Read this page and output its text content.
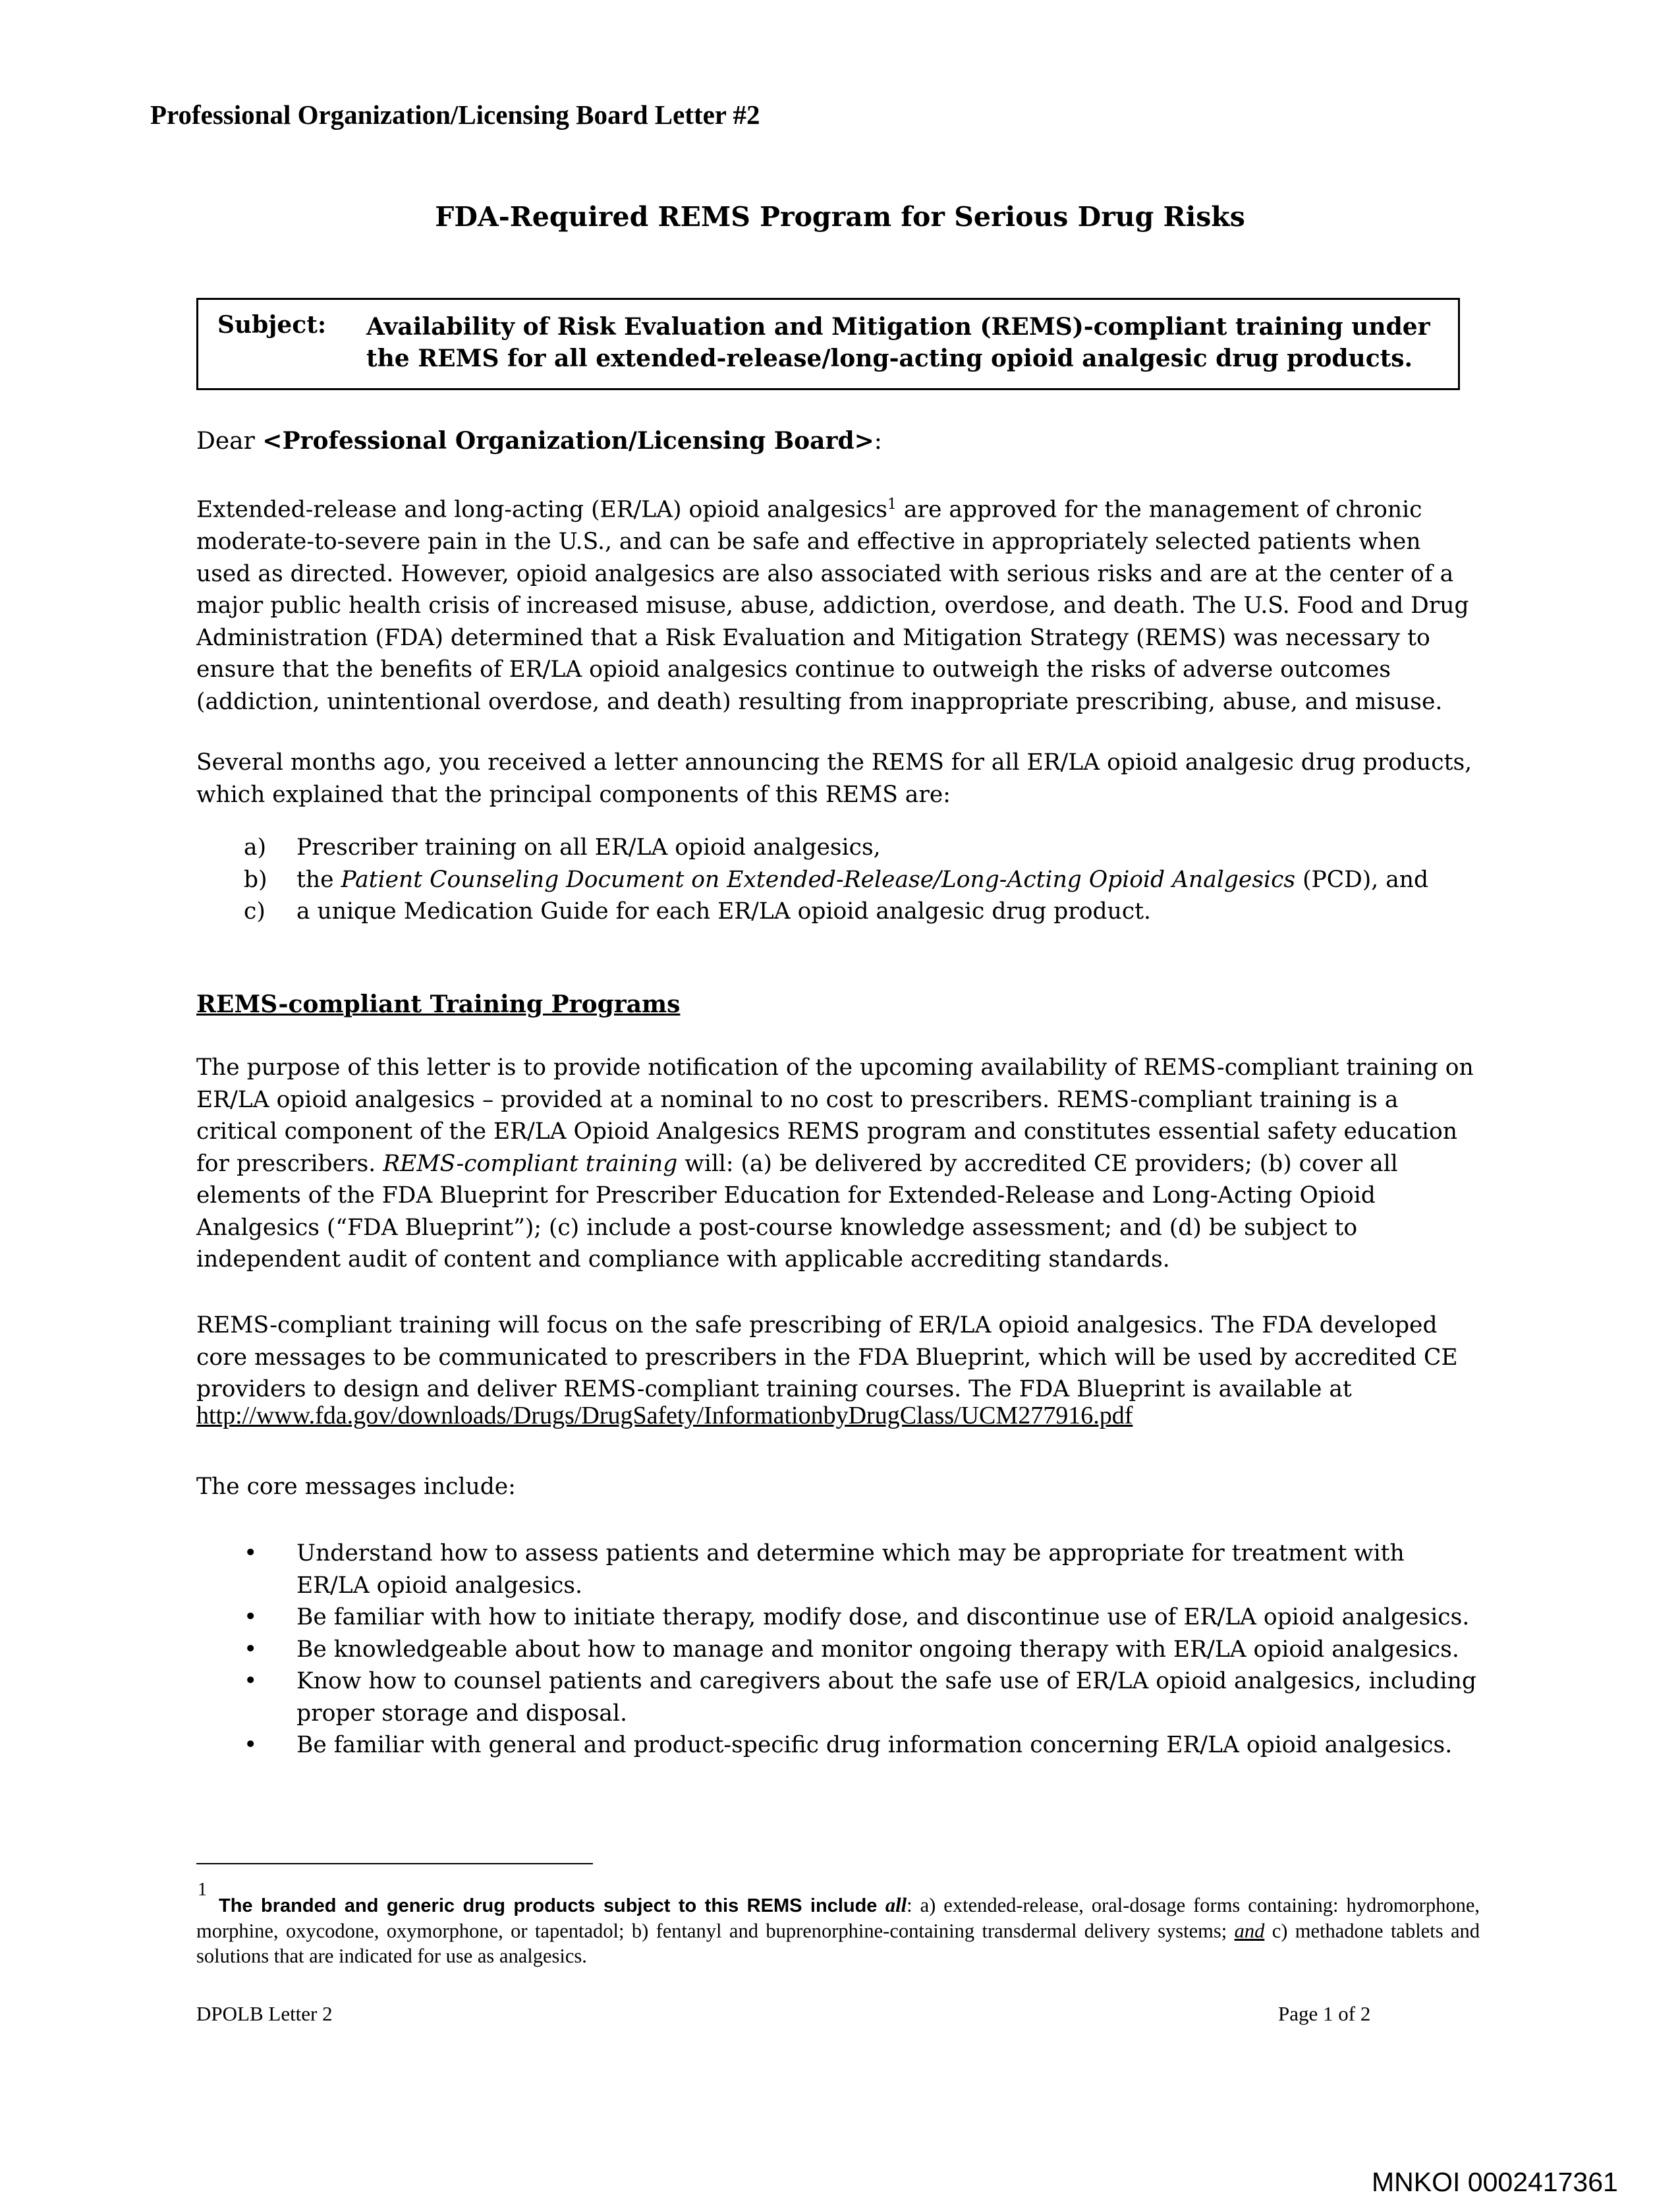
Professional Organization/Licensing Board Letter #2
FDA-Required REMS Program for Serious Drug Risks
Subject: Availability of Risk Evaluation and Mitigation (REMS)-compliant training under the REMS for all extended-release/long-acting opioid analgesic drug products.
Dear <Professional Organization/Licensing Board>:
Extended-release and long-acting (ER/LA) opioid analgesics$^1$ are approved for the management of chronic moderate-to-severe pain in the U.S., and can be safe and effective in appropriately selected patients when used as directed. However, opioid analgesics are also associated with serious risks and are at the center of a major public health crisis of increased misuse, abuse, addiction, overdose, and death. The U.S. Food and Drug Administration (FDA) determined that a Risk Evaluation and Mitigation Strategy (REMS) was necessary to ensure that the benefits of ER/LA opioid analgesics continue to outweigh the risks of adverse outcomes (addiction, unintentional overdose, and death) resulting from inappropriate prescribing, abuse, and misuse.
Several months ago, you received a letter announcing the REMS for all ER/LA opioid analgesic drug products, which explained that the principal components of this REMS are:
a) Prescriber training on all ER/LA opioid analgesics,
b) the Patient Counseling Document on Extended-Release/Long-Acting Opioid Analgesics (PCD), and
c) a unique Medication Guide for each ER/LA opioid analgesic drug product.
REMS-compliant Training Programs
The purpose of this letter is to provide notification of the upcoming availability of REMS-compliant training on ER/LA opioid analgesics – provided at a nominal to no cost to prescribers. REMS-compliant training is a critical component of the ER/LA Opioid Analgesics REMS program and constitutes essential safety education for prescribers. REMS-compliant training will: (a) be delivered by accredited CE providers; (b) cover all elements of the FDA Blueprint for Prescriber Education for Extended-Release and Long-Acting Opioid Analgesics (“FDA Blueprint”); (c) include a post-course knowledge assessment; and (d) be subject to independent audit of content and compliance with applicable accrediting standards.
REMS-compliant training will focus on the safe prescribing of ER/LA opioid analgesics. The FDA developed core messages to be communicated to prescribers in the FDA Blueprint, which will be used by accredited CE providers to design and deliver REMS-compliant training courses. The FDA Blueprint is available at
http://www.fda.gov/downloads/Drugs/DrugSafety/InformationbyDrugClass/UCM277916.pdf
The core messages include:
• Understand how to assess patients and determine which may be appropriate for treatment with ER/LA opioid analgesics.
• Be familiar with how to initiate therapy, modify dose, and discontinue use of ER/LA opioid analgesics.
• Be knowledgeable about how to manage and monitor ongoing therapy with ER/LA opioid analgesics.
• Know how to counsel patients and caregivers about the safe use of ER/LA opioid analgesics, including proper storage and disposal.
• Be familiar with general and product-specific drug information concerning ER/LA opioid analgesics.
1
The branded and generic drug products subject to this REMS include all: a) extended-release, oral-dosage forms containing: hydromorphone, morphine, oxycodone, oxymorphone, or tapentadol; b) fentanyl and buprenorphine-containing transdermal delivery systems; and c) methadone tablets and solutions that are indicated for use as analgesics.
DPOLB Letter 2	Page 1 of 2
MNKOI 0002417361
